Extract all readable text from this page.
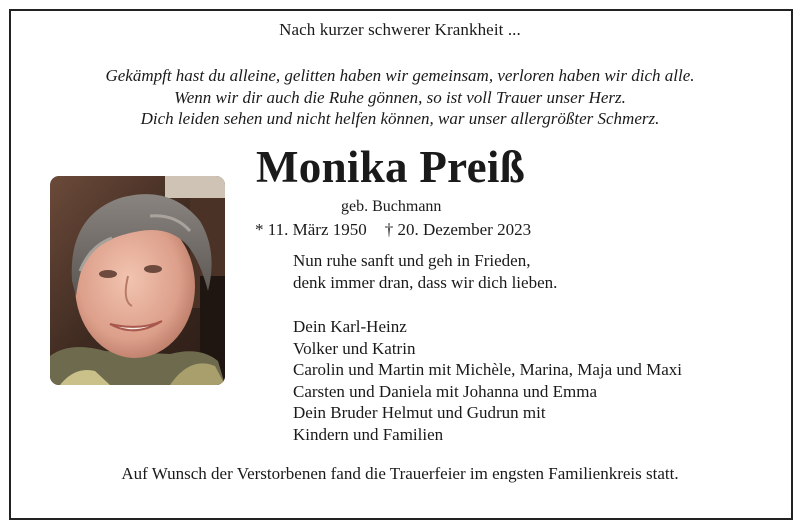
Nach kurzer schwerer Krankheit ...
Gekämpft hast du alleine, gelitten haben wir gemeinsam, verloren haben wir dich alle.
Wenn wir dir auch die Ruhe gönnen, so ist voll Trauer unser Herz.
Dich leiden sehen und nicht helfen können, war unser allergrößter Schmerz.
Monika Preiß
geb. Buchmann
* 11. März 1950 † 20. Dezember 2023
Nun ruhe sanft und geh in Frieden,
denk immer dran, dass wir dich lieben.
Dein Karl-Heinz
Volker und Katrin
Carolin und Martin mit Michèle, Marina, Maja und Maxi
Carsten und Daniela mit Johanna und Emma
Dein Bruder Helmut und Gudrun mit
Kindern und Familien
Auf Wunsch der Verstorbenen fand die Trauerfeier im engsten Familienkreis statt.
